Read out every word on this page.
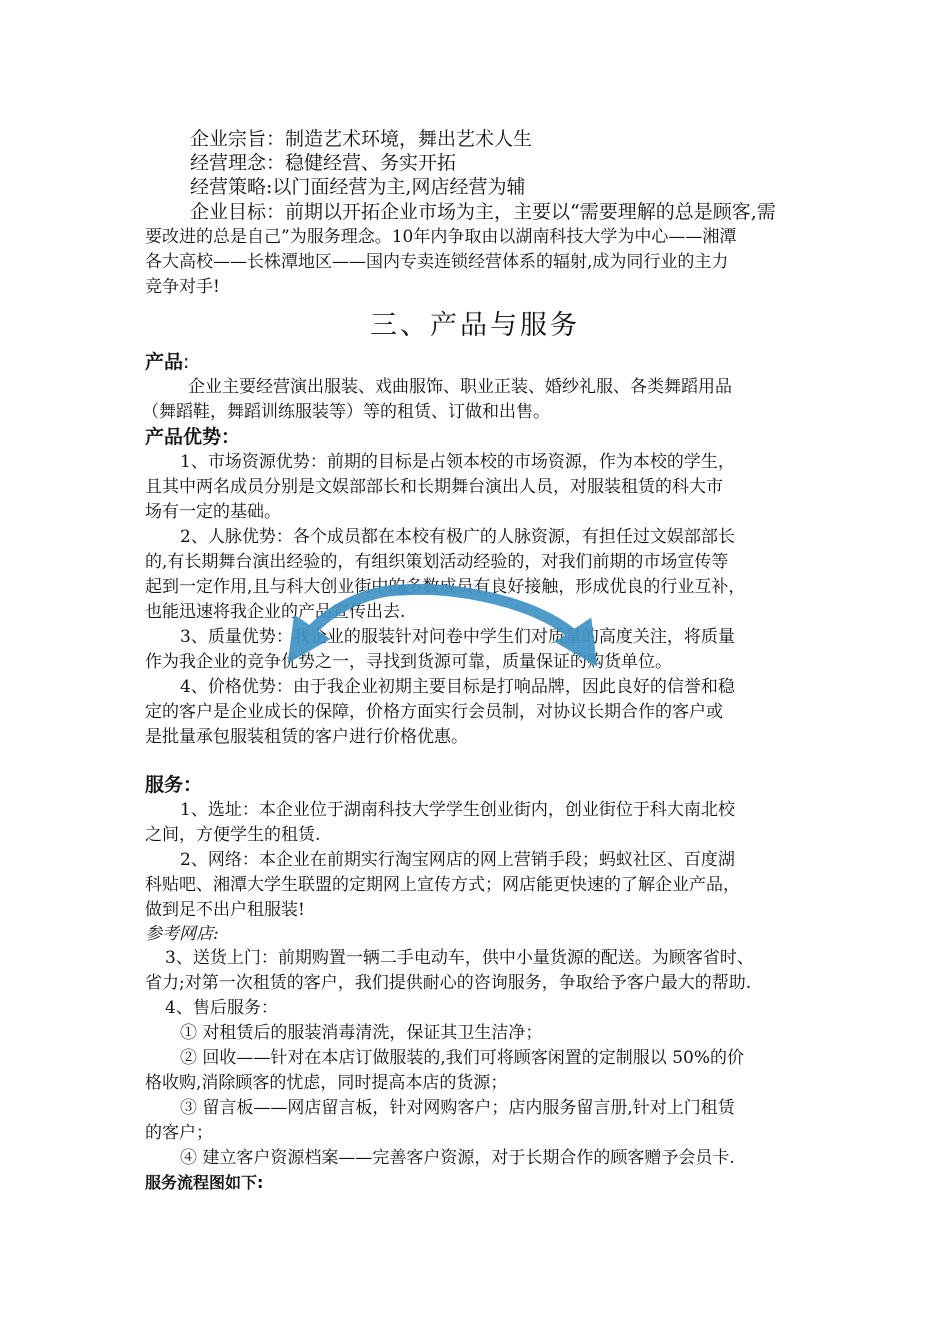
企业宗旨：制造艺术环境，舞出艺术人生
经营理念：稳健经营、务实开拓
经营策略:以门面经营为主,网店经营为辅
企业目标：前期以开拓企业市场为主，主要以“需要理解的总是顾客,需
要改进的总是自己”为服务理念。10年内争取由以湖南科技大学为中心——湘潭
各大高校——长株潭地区——国内专卖连锁经营体系的辐射,成为同行业的主力
竞争对手!
三、产品与服务
产品:
企业主要经营演出服装、戏曲服饰、职业正装、婚纱礼服、各类舞蹈用品
（舞蹈鞋，舞蹈训练服装等）等的租赁、订做和出售。
产品优势：
1、市场资源优势：前期的目标是占领本校的市场资源，作为本校的学生，
且其中两名成员分别是文娱部部长和长期舞台演出人员，对服装租赁的科大市
场有一定的基础。
2、人脉优势：各个成员都在本校有极广的人脉资源，有担任过文娱部部长
的,有长期舞台演出经验的，有组织策划活动经验的，对我们前期的市场宣传等
起到一定作用,且与科大创业街中的多数成员有良好接触，形成优良的行业互补，
也能迅速将我企业的产品宣传出去.
3、质量优势：我企业的服装针对问卷中学生们对质量的高度关注，将质量
作为我企业的竞争优势之一，寻找到货源可靠，质量保证的购货单位。
4、价格优势：由于我企业初期主要目标是打响品牌，因此良好的信誉和稳
定的客户是企业成长的保障，价格方面实行会员制，对协议长期合作的客户或
是批量承包服装租赁的客户进行价格优惠。
服务：
1、选址：本企业位于湖南科技大学学生创业街内，创业街位于科大南北校
之间，方便学生的租赁.
2、网络：本企业在前期实行淘宝网店的网上营销手段；蚂蚁社区、百度湖
科贴吧、湘潭大学生联盟的定期网上宣传方式；网店能更快速的了解企业产品，
做到足不出户租服装!
参考网店:
3、送货上门：前期购置一辆二手电动车，供中小量货源的配送。为顾客省时、
省力;对第一次租赁的客户，我们提供耐心的咨询服务，争取给予客户最大的帮助.
4、售后服务：
① 对租赁后的服装消毒清洗，保证其卫生洁净；
② 回收——针对在本店订做服装的,我们可将顾客闲置的定制服以 50%的价
格收购,消除顾客的忧虑，同时提高本店的货源；
③ 留言板——网店留言板，针对网购客户；店内服务留言册,针对上门租赁
的客户；
④ 建立客户资源档案——完善客户资源，对于长期合作的顾客赠予会员卡.
服务流程图如下:
